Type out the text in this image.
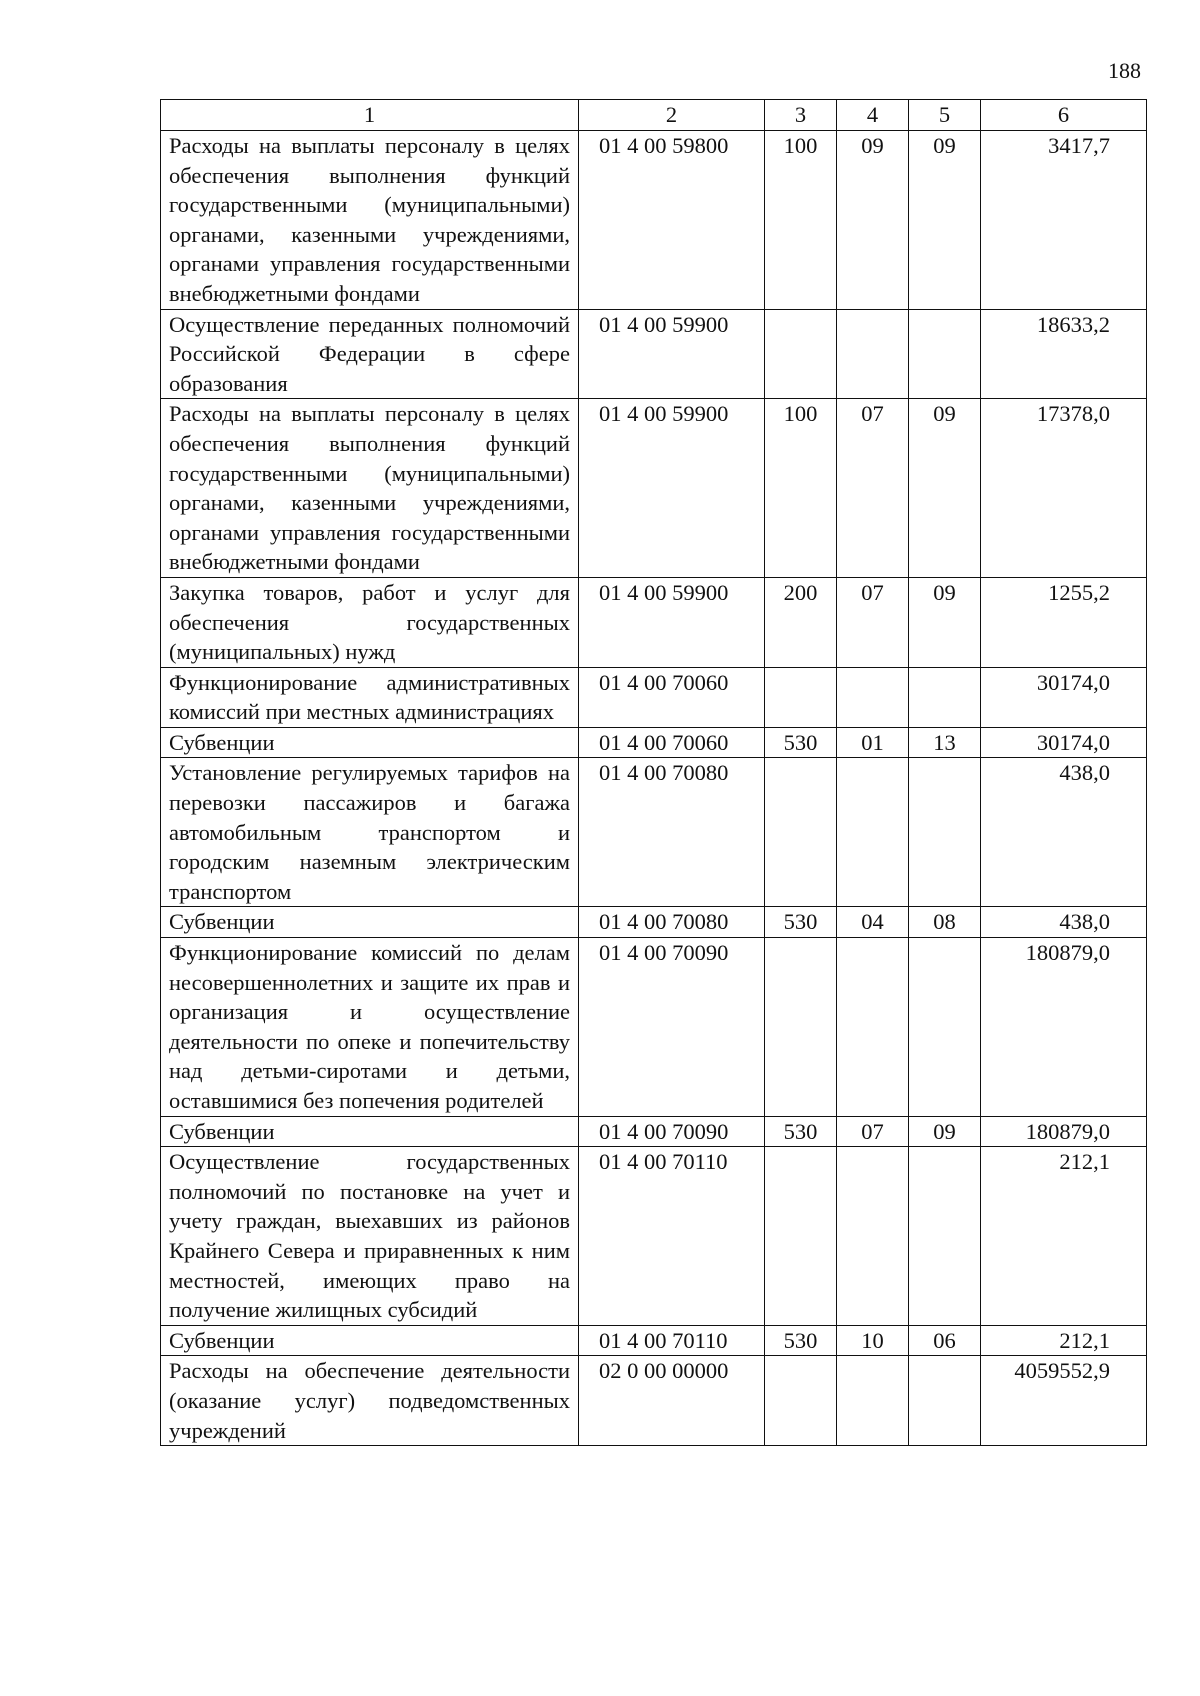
188
1	2	3	4	5	6
Расходы на выплаты персоналу в целях обеспечения выполнения функций государственными (муниципальными) органами, казенными учреждениями, органами управления государственными внебюджетными фондами	01 4 00 59800	100	09	09	3417,7
Осуществление переданных полномочий Российской Федерации в сфере образования	01 4 00 59900				18633,2
Расходы на выплаты персоналу в целях обеспечения выполнения функций государственными (муниципальными) органами, казенными учреждениями, органами управления государственными внебюджетными фондами	01 4 00 59900	100	07	09	17378,0
Закупка товаров, работ и услуг для обеспечения государственных (муниципальных) нужд	01 4 00 59900	200	07	09	1255,2
Функционирование административных комиссий при местных администрациях	01 4 00 70060				30174,0
Субвенции	01 4 00 70060	530	01	13	30174,0
Установление регулируемых тарифов на перевозки пассажиров и багажа автомобильным транспортом и городским наземным электрическим транспортом	01 4 00 70080				438,0
Субвенции	01 4 00 70080	530	04	08	438,0
Функционирование комиссий по делам несовершеннолетних и защите их прав и организация и осуществление деятельности по опеке и попечительству над детьми-сиротами и детьми, оставшимися без попечения родителей	01 4 00 70090				180879,0
Субвенции	01 4 00 70090	530	07	09	180879,0
Осуществление государственных полномочий по постановке на учет и учету граждан, выехавших из районов Крайнего Севера и приравненных к ним местностей, имеющих право на получение жилищных субсидий	01 4 00 70110				212,1
Субвенции	01 4 00 70110	530	10	06	212,1
Расходы на обеспечение деятельности (оказание услуг) подведомственных учреждений	02 0 00 00000				4059552,9
